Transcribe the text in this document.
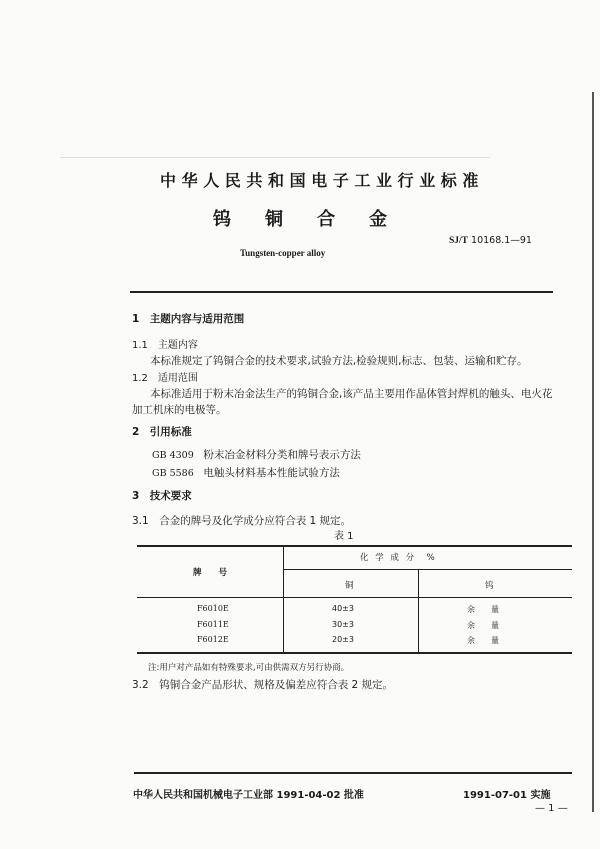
中华人民共和国电子工业行业标准
钨 铜 合 金
Tungsten-copper alloy
SJ/T 10168.1—91
1　主题内容与适用范围
1.1　主题内容
本标准规定了钨铜合金的技术要求,试验方法,检验规则,标志、包装、运输和贮存。
1.2　适用范围
本标准适用于粉末冶金法生产的钨铜合金,该产品主要用作晶体管封焊机的触头、电火花
加工机床的电极等。
2　引用标准
GB 4309 粉末冶金材料分类和牌号表示方法
GB 5586 电触头材料基本性能试验方法
3　技术要求
3.1　合金的牌号及化学成分应符合表 1 规定。
表 1
牌　　号
化 学 成 分　%
铜	钨
F6010E	40±3	余　　量
F6011E	30±3	余　　量
F6012E	20±3	余　　量
注:用户对产品如有特殊要求,可由供需双方另行协商。
3.2　钨铜合金产品形状、规格及偏差应符合表 2 规定。
中华人民共和国机械电子工业部 1991-04-02 批准	1991-07-01 实施
— 1 —
